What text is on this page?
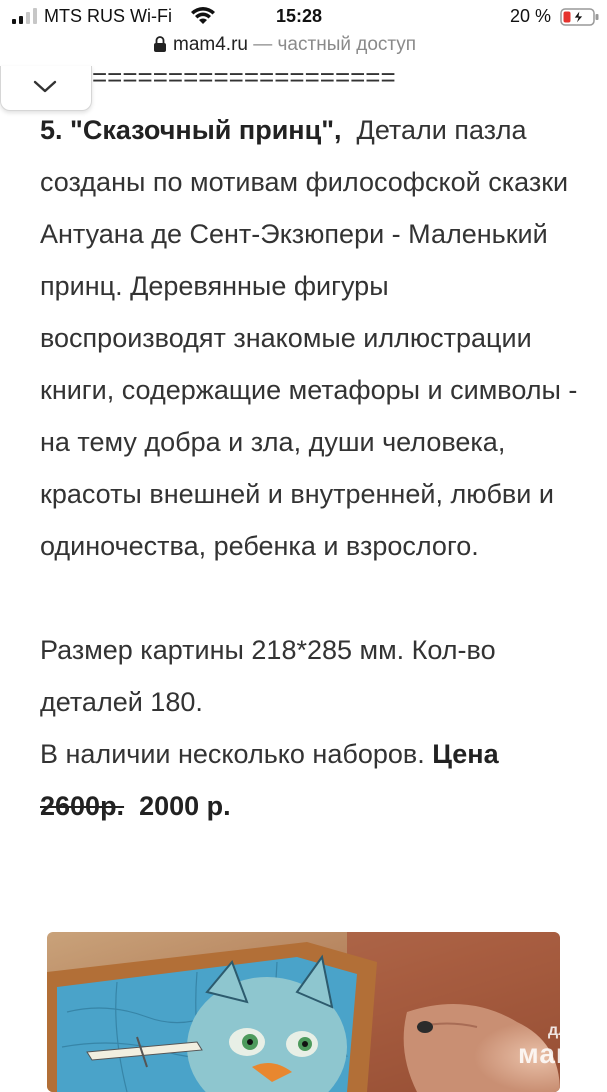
MTS RUS Wi-Fi	15:28	20 %
mam4.ru — частный доступ
====================

5. "Сказочный принц", Детали пазла созданы по мотивам философской сказки Антуана де Сент-Экзюпери - Маленький принц. Деревянные фигуры воспроизводят знакомые иллюстрации книги, содержащие метафоры и символы - на тему добра и зла, души человека, красоты внешней и внутренней, любви и одиночества, ребенка и взрослого.

Размер картины 218*285 мм. Кол-во деталей 180.

В наличии несколько наборов. Цена
2600р. 2000 р.

для
мам
